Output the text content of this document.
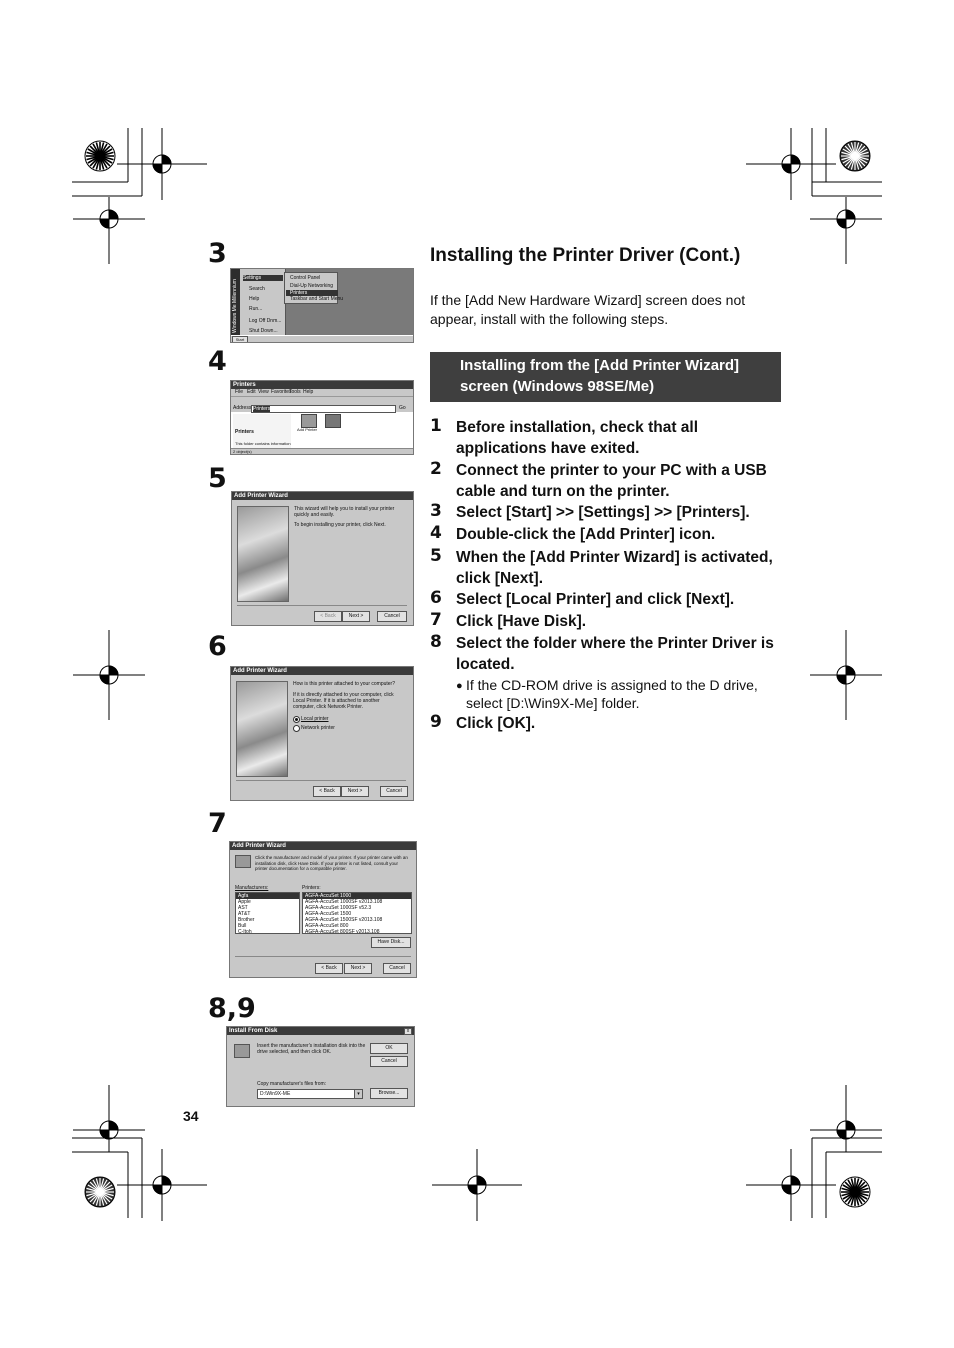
3
4
5
6
7
8,9
Windows Me Millennium
Settings
Search
Help
Run...
Log Off Dnm...
Shut Down...
Control Panel
Dial-Up Networking
Printers
Taskbar and Start Menu
Start
Printers
File Edit View Favorites
Tools Help
Address Printers	Go
Printers
This folder contains information
Add Printer
2 object(s)
Add Printer Wizard
This wizard will help you to install your printer quickly and easily.
To begin installing your printer, click Next.
< Back	Next >	Cancel
Add Printer Wizard
How is this printer attached to your computer?
If it is directly attached to your computer, click Local Printer. If it is attached to another computer, click Network Printer.
Local printer
Network printer
< Back	Next >	Cancel
Add Printer Wizard
Click the manufacturer and model of your printer. If your printer came with an installation disk, click Have Disk. If your printer is not listed, consult your printer documentation for a compatible printer.
Manufacturers:	Printers:
Agfa
Apple
AST
AT&T
Brother
Bull
C-Itoh
AGFA-AccuSet 1000
AGFA-AccuSet 1000SF v2013.108
AGFA-AccuSet 1000SF v52.3
AGFA-AccuSet 1500
AGFA-AccuSet 1500SF v2013.108
AGFA-AccuSet 800
AGFA-AccuSet 800SF v2013.108
Have Disk...
< Back	Next >	Cancel
Install From Disk	x
Insert the manufacturer's installation disk into the drive selected, and then click OK.
OK
Cancel
Copy manufacturer's files from:
D:\Win9X-ME	▾	Browse...
Installing the Printer Driver (Cont.)
If the [Add New Hardware Wizard] screen does not appear, install with the following steps.
Installing from the [Add Printer Wizard] screen (Windows 98SE/Me)
1 Before installation, check that all applications have exited.
2 Connect the printer to your PC with a USB cable and turn on the printer.
3 Select [Start] >> [Settings] >> [Printers].
4 Double-click the [Add Printer] icon.
5 When the [Add Printer Wizard] is activated, click [Next].
6 Select [Local Printer] and click [Next].
7 Click [Have Disk].
8 Select the folder where the Printer Driver is located.
● If the CD-ROM drive is assigned to the D drive, select [D:\Win9X-Me] folder.
9 Click [OK].
34
